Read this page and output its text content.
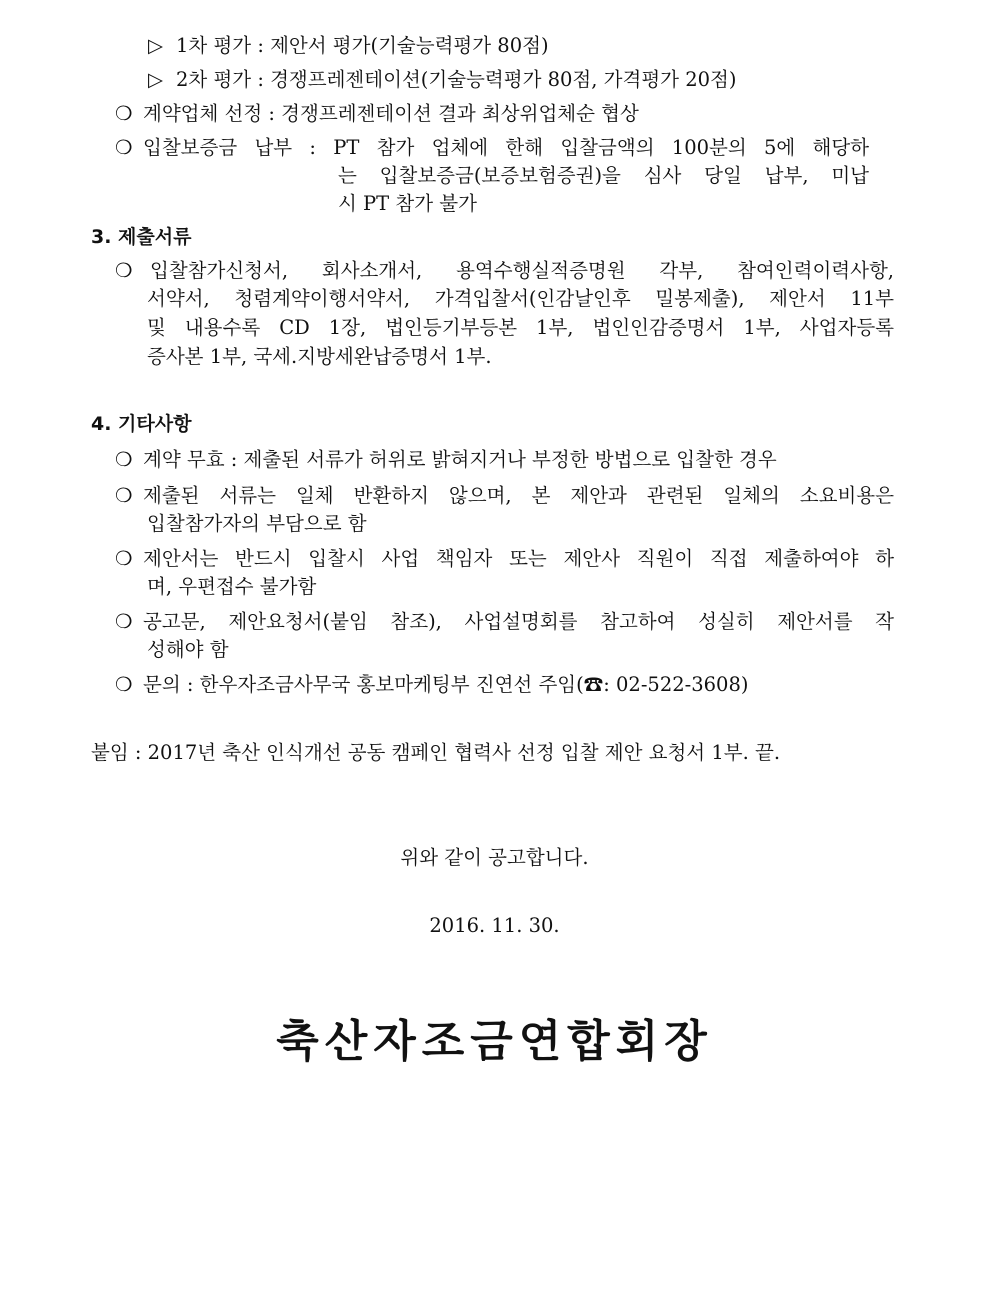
▷ 1차 평가 : 제안서 평가(기술능력평가 80점)
▷ 2차 평가 : 경쟁프레젠테이션(기술능력평가 80점, 가격평가 20점)
❍ 계약업체 선정 : 경쟁프레젠테이션 결과 최상위업체순 협상
❍ 입찰보증금 납부 : PT 참가 업체에 한해 입찰금액의 100분의 5에 해당하
는 입찰보증금(보증보험증권)을 심사 당일 납부, 미납
시 PT 참가 불가
3. 제출서류
❍ 입찰참가신청서, 회사소개서, 용역수행실적증명원 각부, 참여인력이력사항,
서약서, 청렴계약이행서약서, 가격입찰서(인감날인후 밀봉제출), 제안서 11부
및 내용수록 CD 1장, 법인등기부등본 1부, 법인인감증명서 1부, 사업자등록
증사본 1부, 국세.지방세완납증명서 1부.
4. 기타사항
❍ 계약 무효 : 제출된 서류가 허위로 밝혀지거나 부정한 방법으로 입찰한 경우
❍ 제출된 서류는 일체 반환하지 않으며, 본 제안과 관련된 일체의 소요비용은
입찰참가자의 부담으로 함
❍ 제안서는 반드시 입찰시 사업 책임자 또는 제안사 직원이 직접 제출하여야 하
며, 우편접수 불가함
❍ 공고문, 제안요청서(붙임 참조), 사업설명회를 참고하여 성실히 제안서를 작
성해야 함
❍ 문의 : 한우자조금사무국 홍보마케팅부 진연선 주임(☎: 02-522-3608)
붙임 : 2017년 축산 인식개선 공동 캠페인 협력사 선정 입찰 제안 요청서 1부. 끝.
위와 같이 공고합니다.
2016. 11. 30.
축산자조금연합회장
